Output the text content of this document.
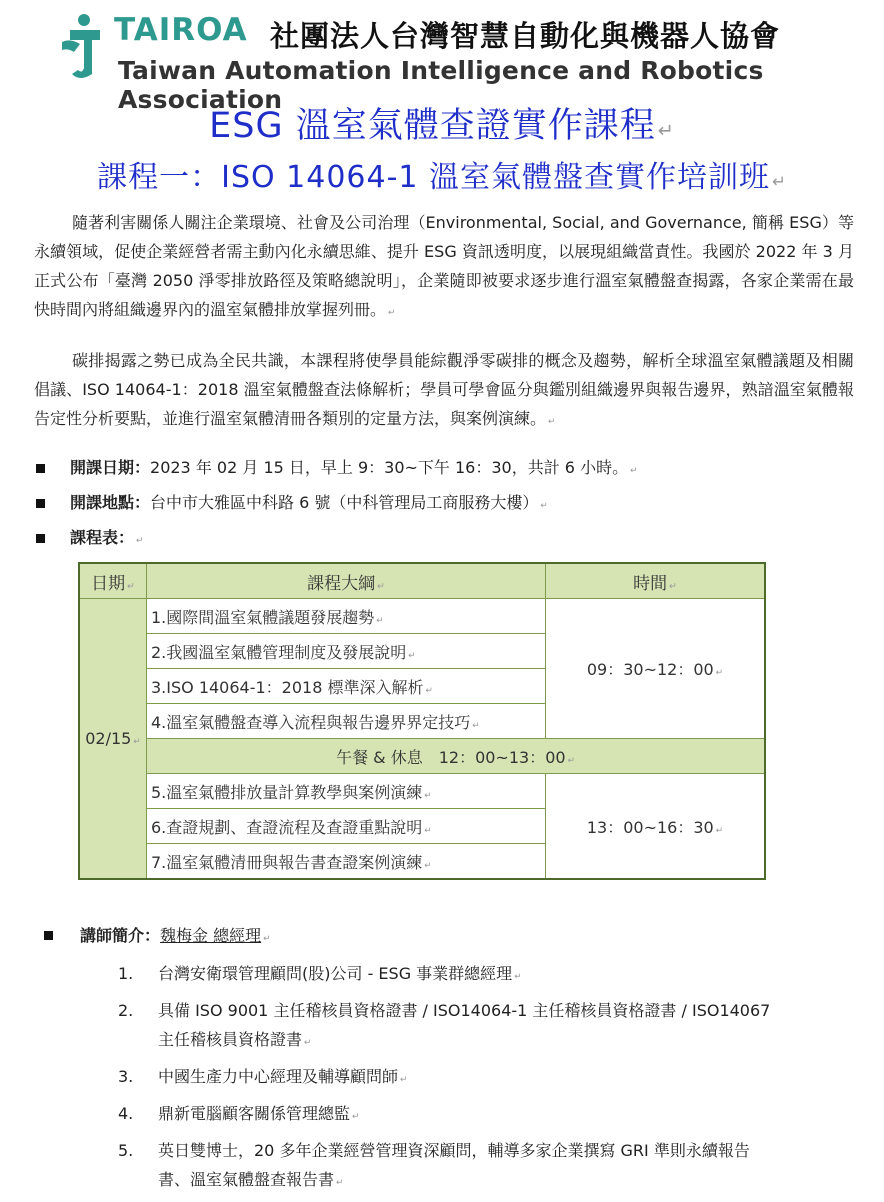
TAIROA 社團法人台灣智慧自動化與機器人協會
Taiwan Automation Intelligence and Robotics Association
ESG 溫室氣體查證實作課程 ↵
課程一：ISO 14064-1 溫室氣體盤查實作培訓班 ↵
隨著利害關係人關注企業環境、社會及公司治理（Environmental, Social, and Governance, 簡稱 ESG）等永續領域，促使企業經營者需主動內化永續思維、提升 ESG 資訊透明度，以展現組織當責性。我國於 2022 年 3 月正式公布「臺灣 2050 淨零排放路徑及策略總說明」，企業隨即被要求逐步進行溫室氣體盤查揭露，各家企業需在最快時間內將組織邊界內的溫室氣體排放掌握列冊。 ↵
碳排揭露之勢已成為全民共識，本課程將使學員能綜觀淨零碳排的概念及趨勢，解析全球溫室氣體議題及相關倡議、ISO 14064-1：2018 溫室氣體盤查法條解析；學員可學會區分與鑑別組織邊界與報告邊界，熟諳溫室氣體報告定性分析要點，並進行溫室氣體清冊各類別的定量方法，與案例演練。 ↵
開課日期：2023 年 02 月 15 日，早上 9：30~下午 16：30，共計 6 小時。 ↵
開課地點：台中市大雅區中科路 6 號（中科管理局工商服務大樓） ↵
課程表： ↵
日期 ↵	課程大綱 ↵	時間 ↵
02/15 ↵	1.國際間溫室氣體議題發展趨勢 ↵	09：30~12：00 ↵
	2.我國溫室氣體管理制度及發展說明 ↵	
	3.ISO 14064-1：2018 標準深入解析 ↵	
	4.溫室氣體盤查導入流程與報告邊界界定技巧 ↵	
	午餐 & 休息　12：00~13：00 ↵	
	5.溫室氣體排放量計算教學與案例演練 ↵	13：00~16：30 ↵
	6.查證規劃、查證流程及查證重點說明 ↵	
	7.溫室氣體清冊與報告書查證案例演練 ↵	
講師簡介：魏梅金 總經理 ↵
1. 台灣安衛環管理顧問(股)公司 - ESG 事業群總經理 ↵
2. 具備 ISO 9001 主任稽核員資格證書 / ISO14064-1 主任稽核員資格證書 / ISO14067 主任稽核員資格證書 ↵
3. 中國生產力中心經理及輔導顧問師 ↵
4. 鼎新電腦顧客關係管理總監 ↵
5. 英日雙博士，20 多年企業經營管理資深顧問，輔導多家企業撰寫 GRI 準則永續報告書、溫室氣體盤查報告書 ↵
